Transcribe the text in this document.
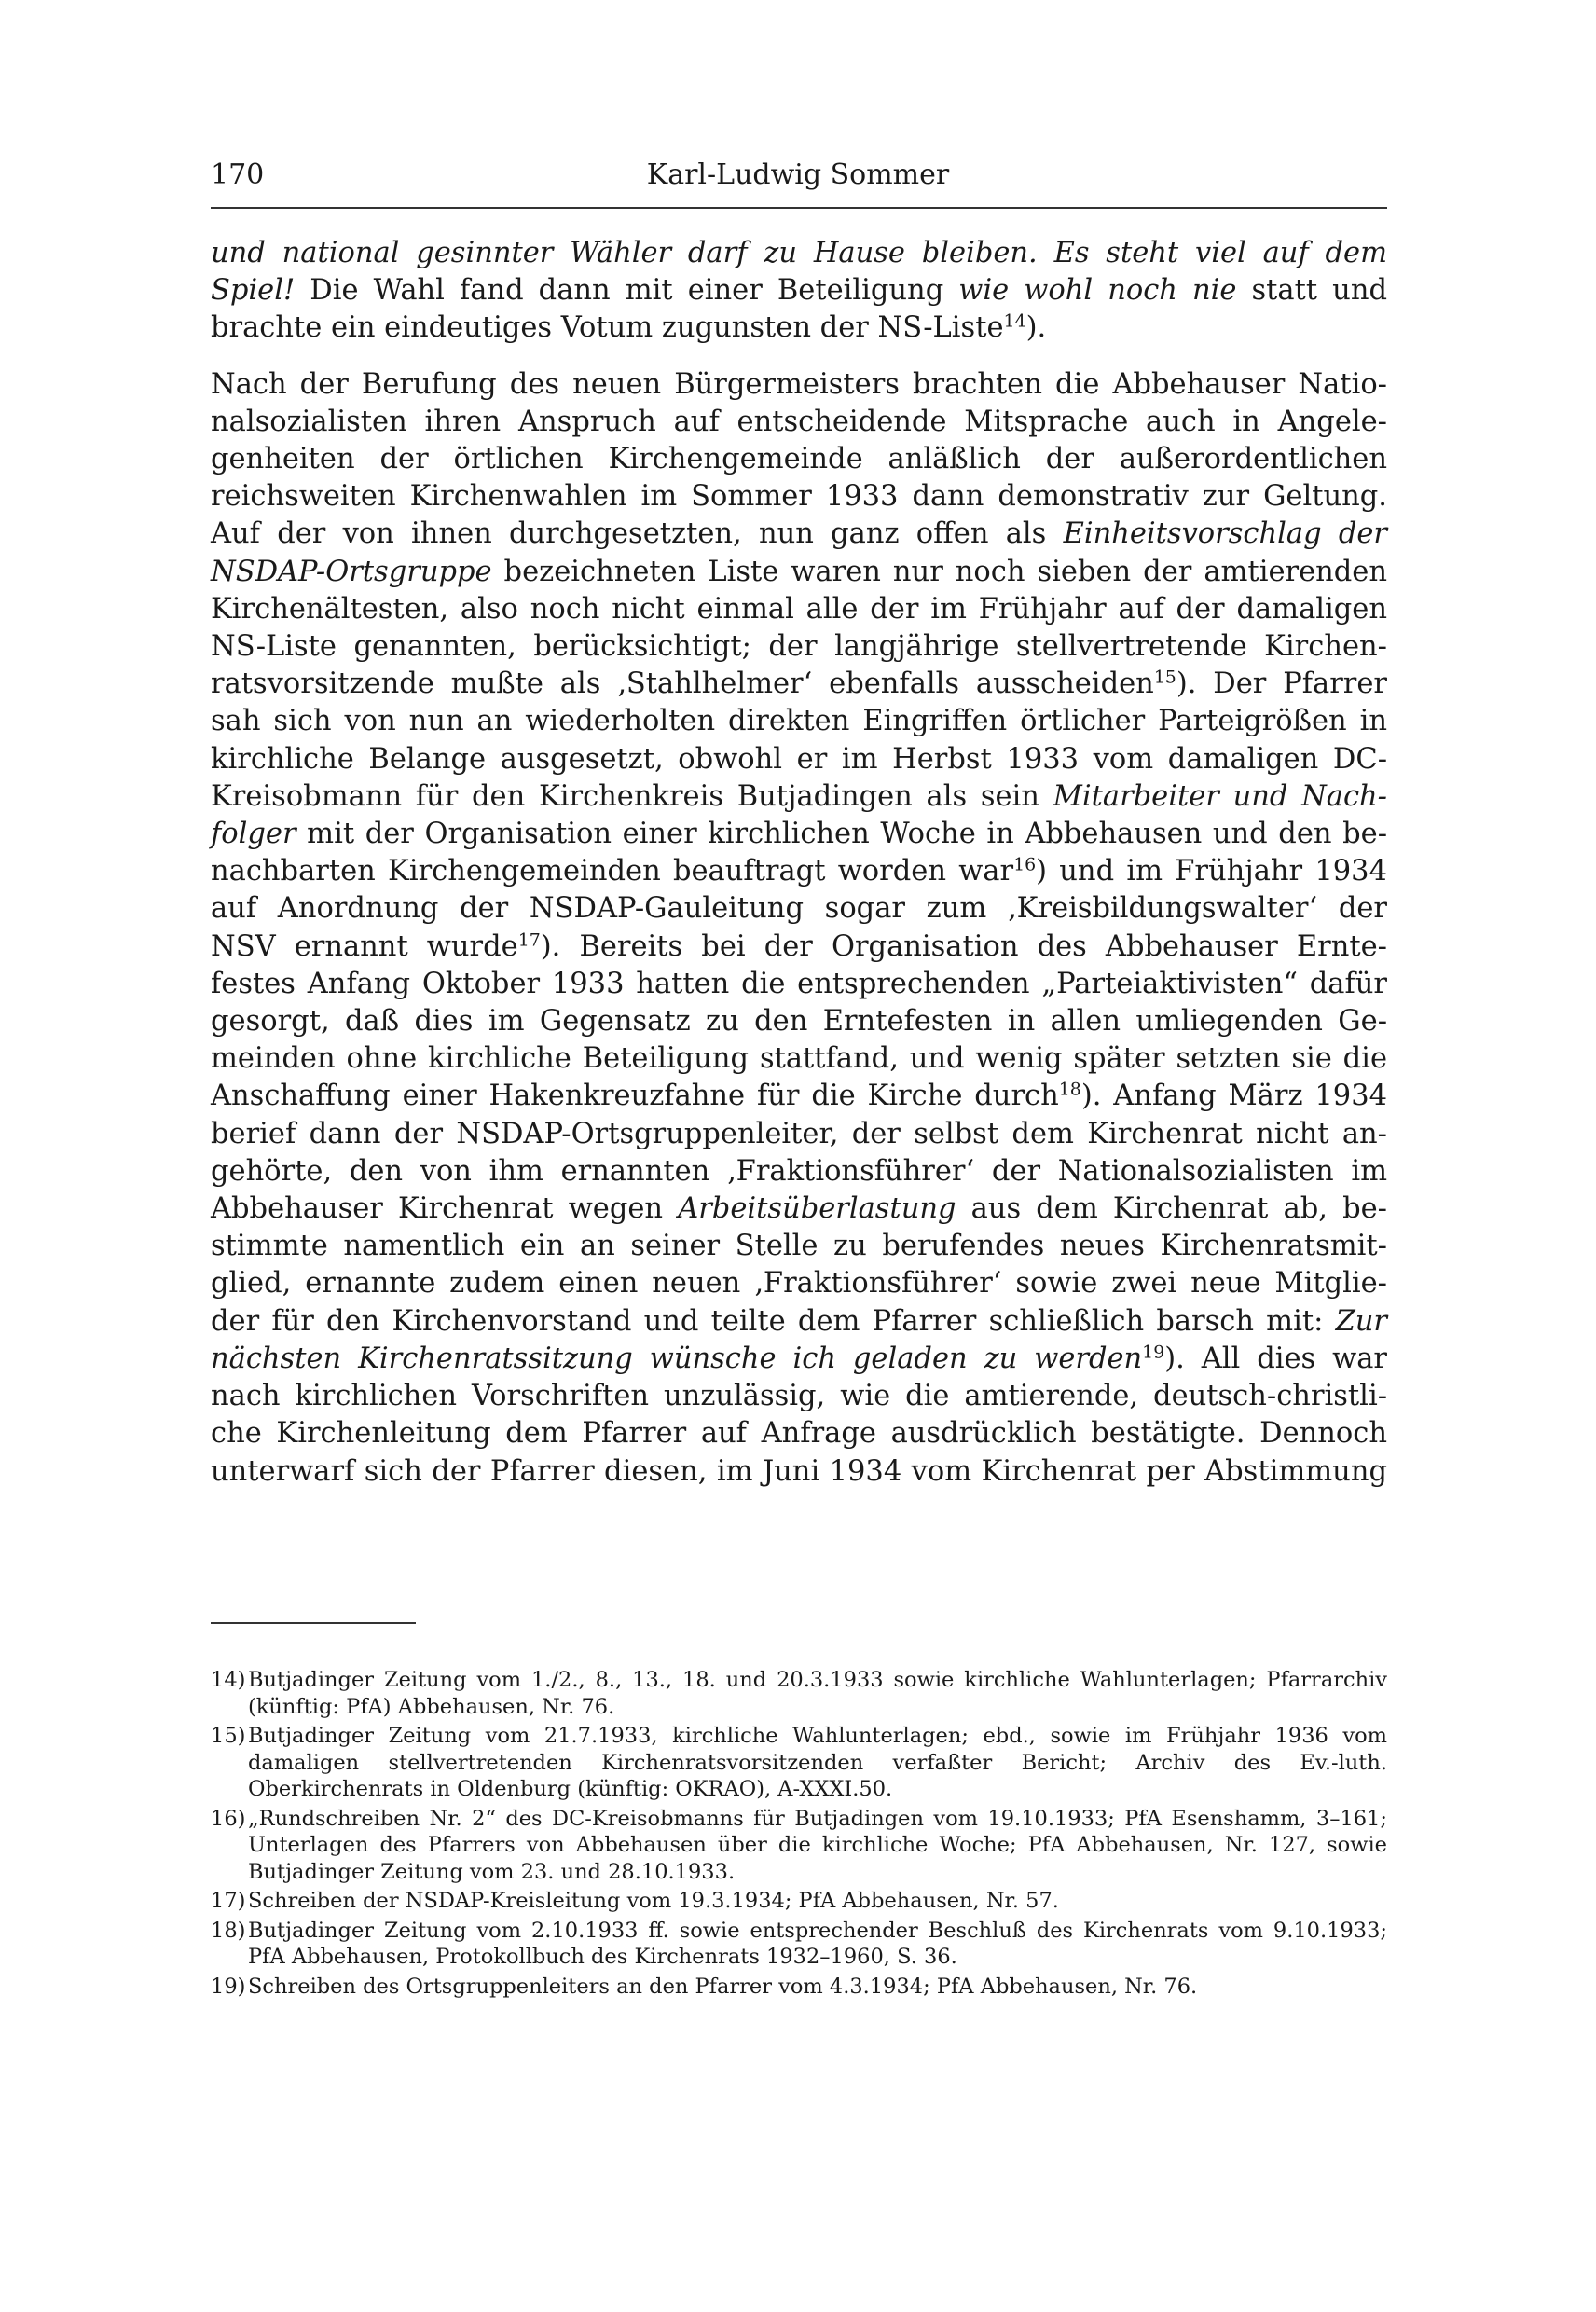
170	Karl-Ludwig Sommer

und national gesinnter Wähler darf zu Hause bleiben. Es steht viel auf dem
Spiel! Die Wahl fand dann mit einer Beteiligung wie wohl noch nie statt und
brachte ein eindeutiges Votum zugunsten der NS-Liste$^{14}$).

Nach der Berufung des neuen Bürgermeisters brachten die Abbehauser Natio-
nalsozialisten ihren Anspruch auf entscheidende Mitsprache auch in Angele-
genheiten der örtlichen Kirchengemeinde anläßlich der außerordentlichen
reichsweiten Kirchenwahlen im Sommer 1933 dann demonstrativ zur Geltung.
Auf der von ihnen durchgesetzten, nun ganz offen als Einheitsvorschlag der
NSDAP-Ortsgruppe bezeichneten Liste waren nur noch sieben der amtierenden
Kirchenältesten, also noch nicht einmal alle der im Frühjahr auf der damaligen
NS-Liste genannten, berücksichtigt; der langjährige stellvertretende Kirchen-
ratsvorsitzende mußte als ‚Stahlhelmer‘ ebenfalls ausscheiden$^{15}$). Der Pfarrer
sah sich von nun an wiederholten direkten Eingriffen örtlicher Parteigrößen in
kirchliche Belange ausgesetzt, obwohl er im Herbst 1933 vom damaligen DC-
Kreisobmann für den Kirchenkreis Butjadingen als sein Mitarbeiter und Nach-
folger mit der Organisation einer kirchlichen Woche in Abbehausen und den be-
nachbarten Kirchengemeinden beauftragt worden war$^{16}$) und im Frühjahr 1934
auf Anordnung der NSDAP-Gauleitung sogar zum ‚Kreisbildungswalter‘ der
NSV ernannt wurde$^{17}$). Bereits bei der Organisation des Abbehauser Ernte-
festes Anfang Oktober 1933 hatten die entsprechenden „Parteiaktivisten“ dafür
gesorgt, daß dies im Gegensatz zu den Erntefesten in allen umliegenden Ge-
meinden ohne kirchliche Beteiligung stattfand, und wenig später setzten sie die
Anschaffung einer Hakenkreuzfahne für die Kirche durch$^{18}$). Anfang März 1934
berief dann der NSDAP-Ortsgruppenleiter, der selbst dem Kirchenrat nicht an-
gehörte, den von ihm ernannten ‚Fraktionsführer‘ der Nationalsozialisten im
Abbehauser Kirchenrat wegen Arbeitsüberlastung aus dem Kirchenrat ab, be-
stimmte namentlich ein an seiner Stelle zu berufendes neues Kirchenratsmit-
glied, ernannte zudem einen neuen ‚Fraktionsführer‘ sowie zwei neue Mitglie-
der für den Kirchenvorstand und teilte dem Pfarrer schließlich barsch mit: Zur
nächsten Kirchenratssitzung wünsche ich geladen zu werden$^{19}$). All dies war
nach kirchlichen Vorschriften unzulässig, wie die amtierende, deutsch-christli-
che Kirchenleitung dem Pfarrer auf Anfrage ausdrücklich bestätigte. Dennoch
unterwarf sich der Pfarrer diesen, im Juni 1934 vom Kirchenrat per Abstimmung

14) Butjadinger Zeitung vom 1./2., 8., 13., 18. und 20.3.1933 sowie kirchliche Wahlunterlagen; Pfarrarchiv (künftig: PfA) Abbehausen, Nr. 76.
15) Butjadinger Zeitung vom 21.7.1933, kirchliche Wahlunterlagen; ebd., sowie im Frühjahr 1936 vom damaligen stellvertretenden Kirchenratsvorsitzenden verfaßter Bericht; Archiv des Ev.-luth. Oberkirchenrats in Oldenburg (künftig: OKRAO), A-XXXI.50.
16) „Rundschreiben Nr. 2“ des DC-Kreisobmanns für Butjadingen vom 19.10.1933; PfA Esenshamm, 3–161; Unterlagen des Pfarrers von Abbehausen über die kirchliche Woche; PfA Abbehausen, Nr. 127, sowie Butjadinger Zeitung vom 23. und 28.10.1933.
17) Schreiben der NSDAP-Kreisleitung vom 19.3.1934; PfA Abbehausen, Nr. 57.
18) Butjadinger Zeitung vom 2.10.1933 ff. sowie entsprechender Beschluß des Kirchenrats vom 9.10.1933; PfA Abbehausen, Protokollbuch des Kirchenrats 1932–1960, S. 36.
19) Schreiben des Ortsgruppenleiters an den Pfarrer vom 4.3.1934; PfA Abbehausen, Nr. 76.
